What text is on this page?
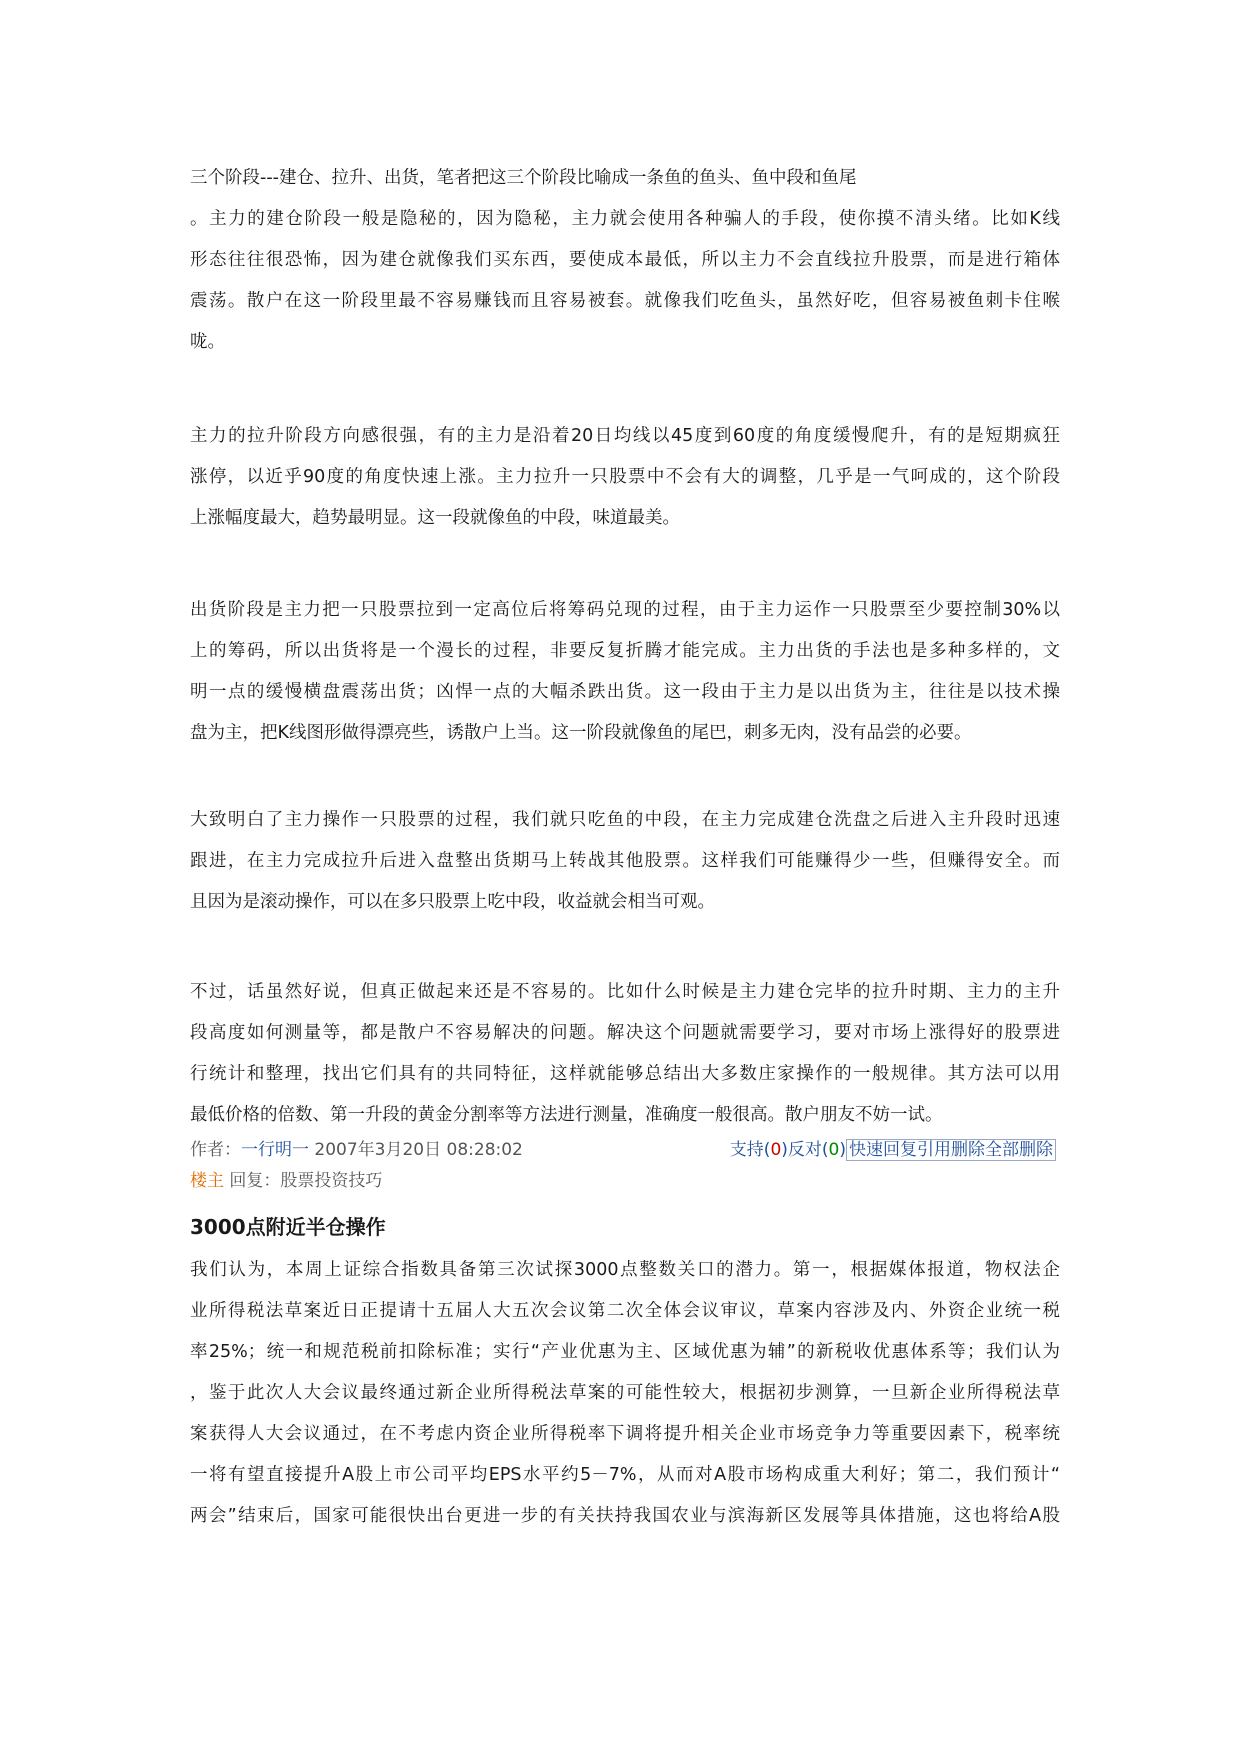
三个阶段---建仓、拉升、出货，笔者把这三个阶段比喻成一条鱼的鱼头、鱼中段和鱼尾

。主力的建仓阶段一般是隐秘的，因为隐秘，主力就会使用各种骗人的手段，使你摸不清头绪。比如K线

形态往往很恐怖，因为建仓就像我们买东西，要使成本最低，所以主力不会直线拉升股票，而是进行箱体

震荡。散户在这一阶段里最不容易赚钱而且容易被套。就像我们吃鱼头，虽然好吃，但容易被鱼刺卡住喉

咙。

主力的拉升阶段方向感很强，有的主力是沿着20日均线以45度到60度的角度缓慢爬升，有的是短期疯狂

涨停，以近乎90度的角度快速上涨。主力拉升一只股票中不会有大的调整，几乎是一气呵成的，这个阶段

上涨幅度最大，趋势最明显。这一段就像鱼的中段，味道最美。

出货阶段是主力把一只股票拉到一定高位后将筹码兑现的过程，由于主力运作一只股票至少要控制30%以

上的筹码，所以出货将是一个漫长的过程，非要反复折腾才能完成。主力出货的手法也是多种多样的，文

明一点的缓慢横盘震荡出货；凶悍一点的大幅杀跌出货。这一段由于主力是以出货为主，往往是以技术操

盘为主，把K线图形做得漂亮些，诱散户上当。这一阶段就像鱼的尾巴，刺多无肉，没有品尝的必要。

大致明白了主力操作一只股票的过程，我们就只吃鱼的中段，在主力完成建仓洗盘之后进入主升段时迅速

跟进，在主力完成拉升后进入盘整出货期马上转战其他股票。这样我们可能赚得少一些，但赚得安全。而

且因为是滚动操作，可以在多只股票上吃中段，收益就会相当可观。

不过，话虽然好说，但真正做起来还是不容易的。比如什么时候是主力建仓完毕的拉升时期、主力的主升

段高度如何测量等，都是散户不容易解决的问题。解决这个问题就需要学习，要对市场上涨得好的股票进

行统计和整理，找出它们具有的共同特征，这样就能够总结出大多数庄家操作的一般规律。其方法可以用

最低价格的倍数、第一升段的黄金分割率等方法进行测量，准确度一般很高。散户朋友不妨一试。

作者：一行明一 2007年3月20日 08:28:02	支持(0)反对(0) 快速回复引用删除全部删除
楼主 回复：股票投资技巧
3000点附近半仓操作

我们认为，本周上证综合指数具备第三次试探3000点整数关口的潜力。第一，根据媒体报道，物权法企

业所得税法草案近日正提请十五届人大五次会议第二次全体会议审议，草案内容涉及内、外资企业统一税

率25%；统一和规范税前扣除标准；实行“产业优惠为主、区域优惠为辅”的新税收优惠体系等；我们认为

，鉴于此次人大会议最终通过新企业所得税法草案的可能性较大，根据初步测算，一旦新企业所得税法草

案获得人大会议通过，在不考虑内资企业所得税率下调将提升相关企业市场竞争力等重要因素下，税率统

一将有望直接提升A股上市公司平均EPS水平约5－7%，从而对A股市场构成重大利好；第二，我们预计“

两会”结束后，国家可能很快出台更进一步的有关扶持我国农业与滨海新区发展等具体措施，这也将给A股
